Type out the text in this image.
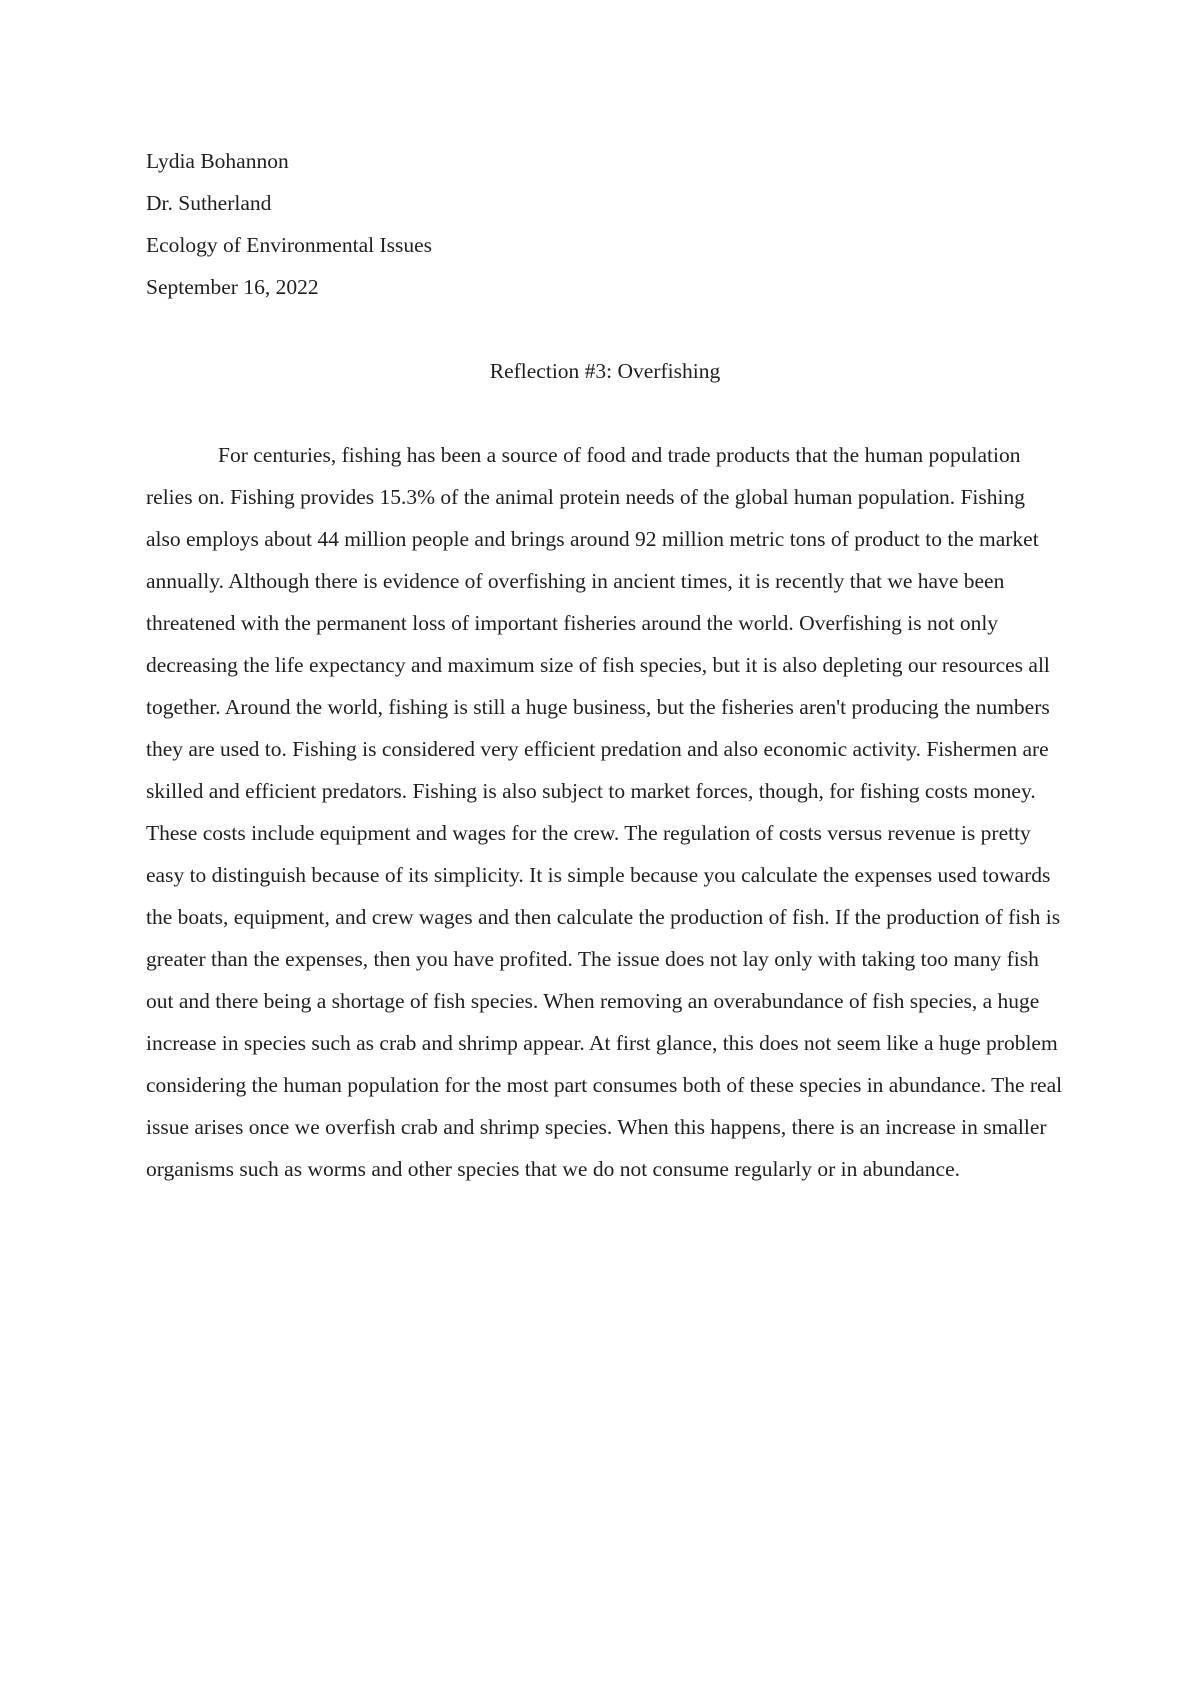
Lydia Bohannon

Dr. Sutherland

Ecology of Environmental Issues

September 16, 2022

Reflection #3: Overfishing

For centuries, fishing has been a source of food and trade products that the human population relies on. Fishing provides 15.3% of the animal protein needs of the global human population. Fishing also employs about 44 million people and brings around 92 million metric tons of product to the market annually. Although there is evidence of overfishing in ancient times, it is recently that we have been threatened with the permanent loss of important fisheries around the world. Overfishing is not only decreasing the life expectancy and maximum size of fish species, but it is also depleting our resources all together. Around the world, fishing is still a huge business, but the fisheries aren't producing the numbers they are used to. Fishing is considered very efficient predation and also economic activity. Fishermen are skilled and efficient predators. Fishing is also subject to market forces, though, for fishing costs money. These costs include equipment and wages for the crew. The regulation of costs versus revenue is pretty easy to distinguish because of its simplicity. It is simple because you calculate the expenses used towards the boats, equipment, and crew wages and then calculate the production of fish. If the production of fish is greater than the expenses, then you have profited. The issue does not lay only with taking too many fish out and there being a shortage of fish species. When removing an overabundance of fish species, a huge increase in species such as crab and shrimp appear. At first glance, this does not seem like a huge problem considering the human population for the most part consumes both of these species in abundance. The real issue arises once we overfish crab and shrimp species. When this happens, there is an increase in smaller organisms such as worms and other species that we do not consume regularly or in abundance.
